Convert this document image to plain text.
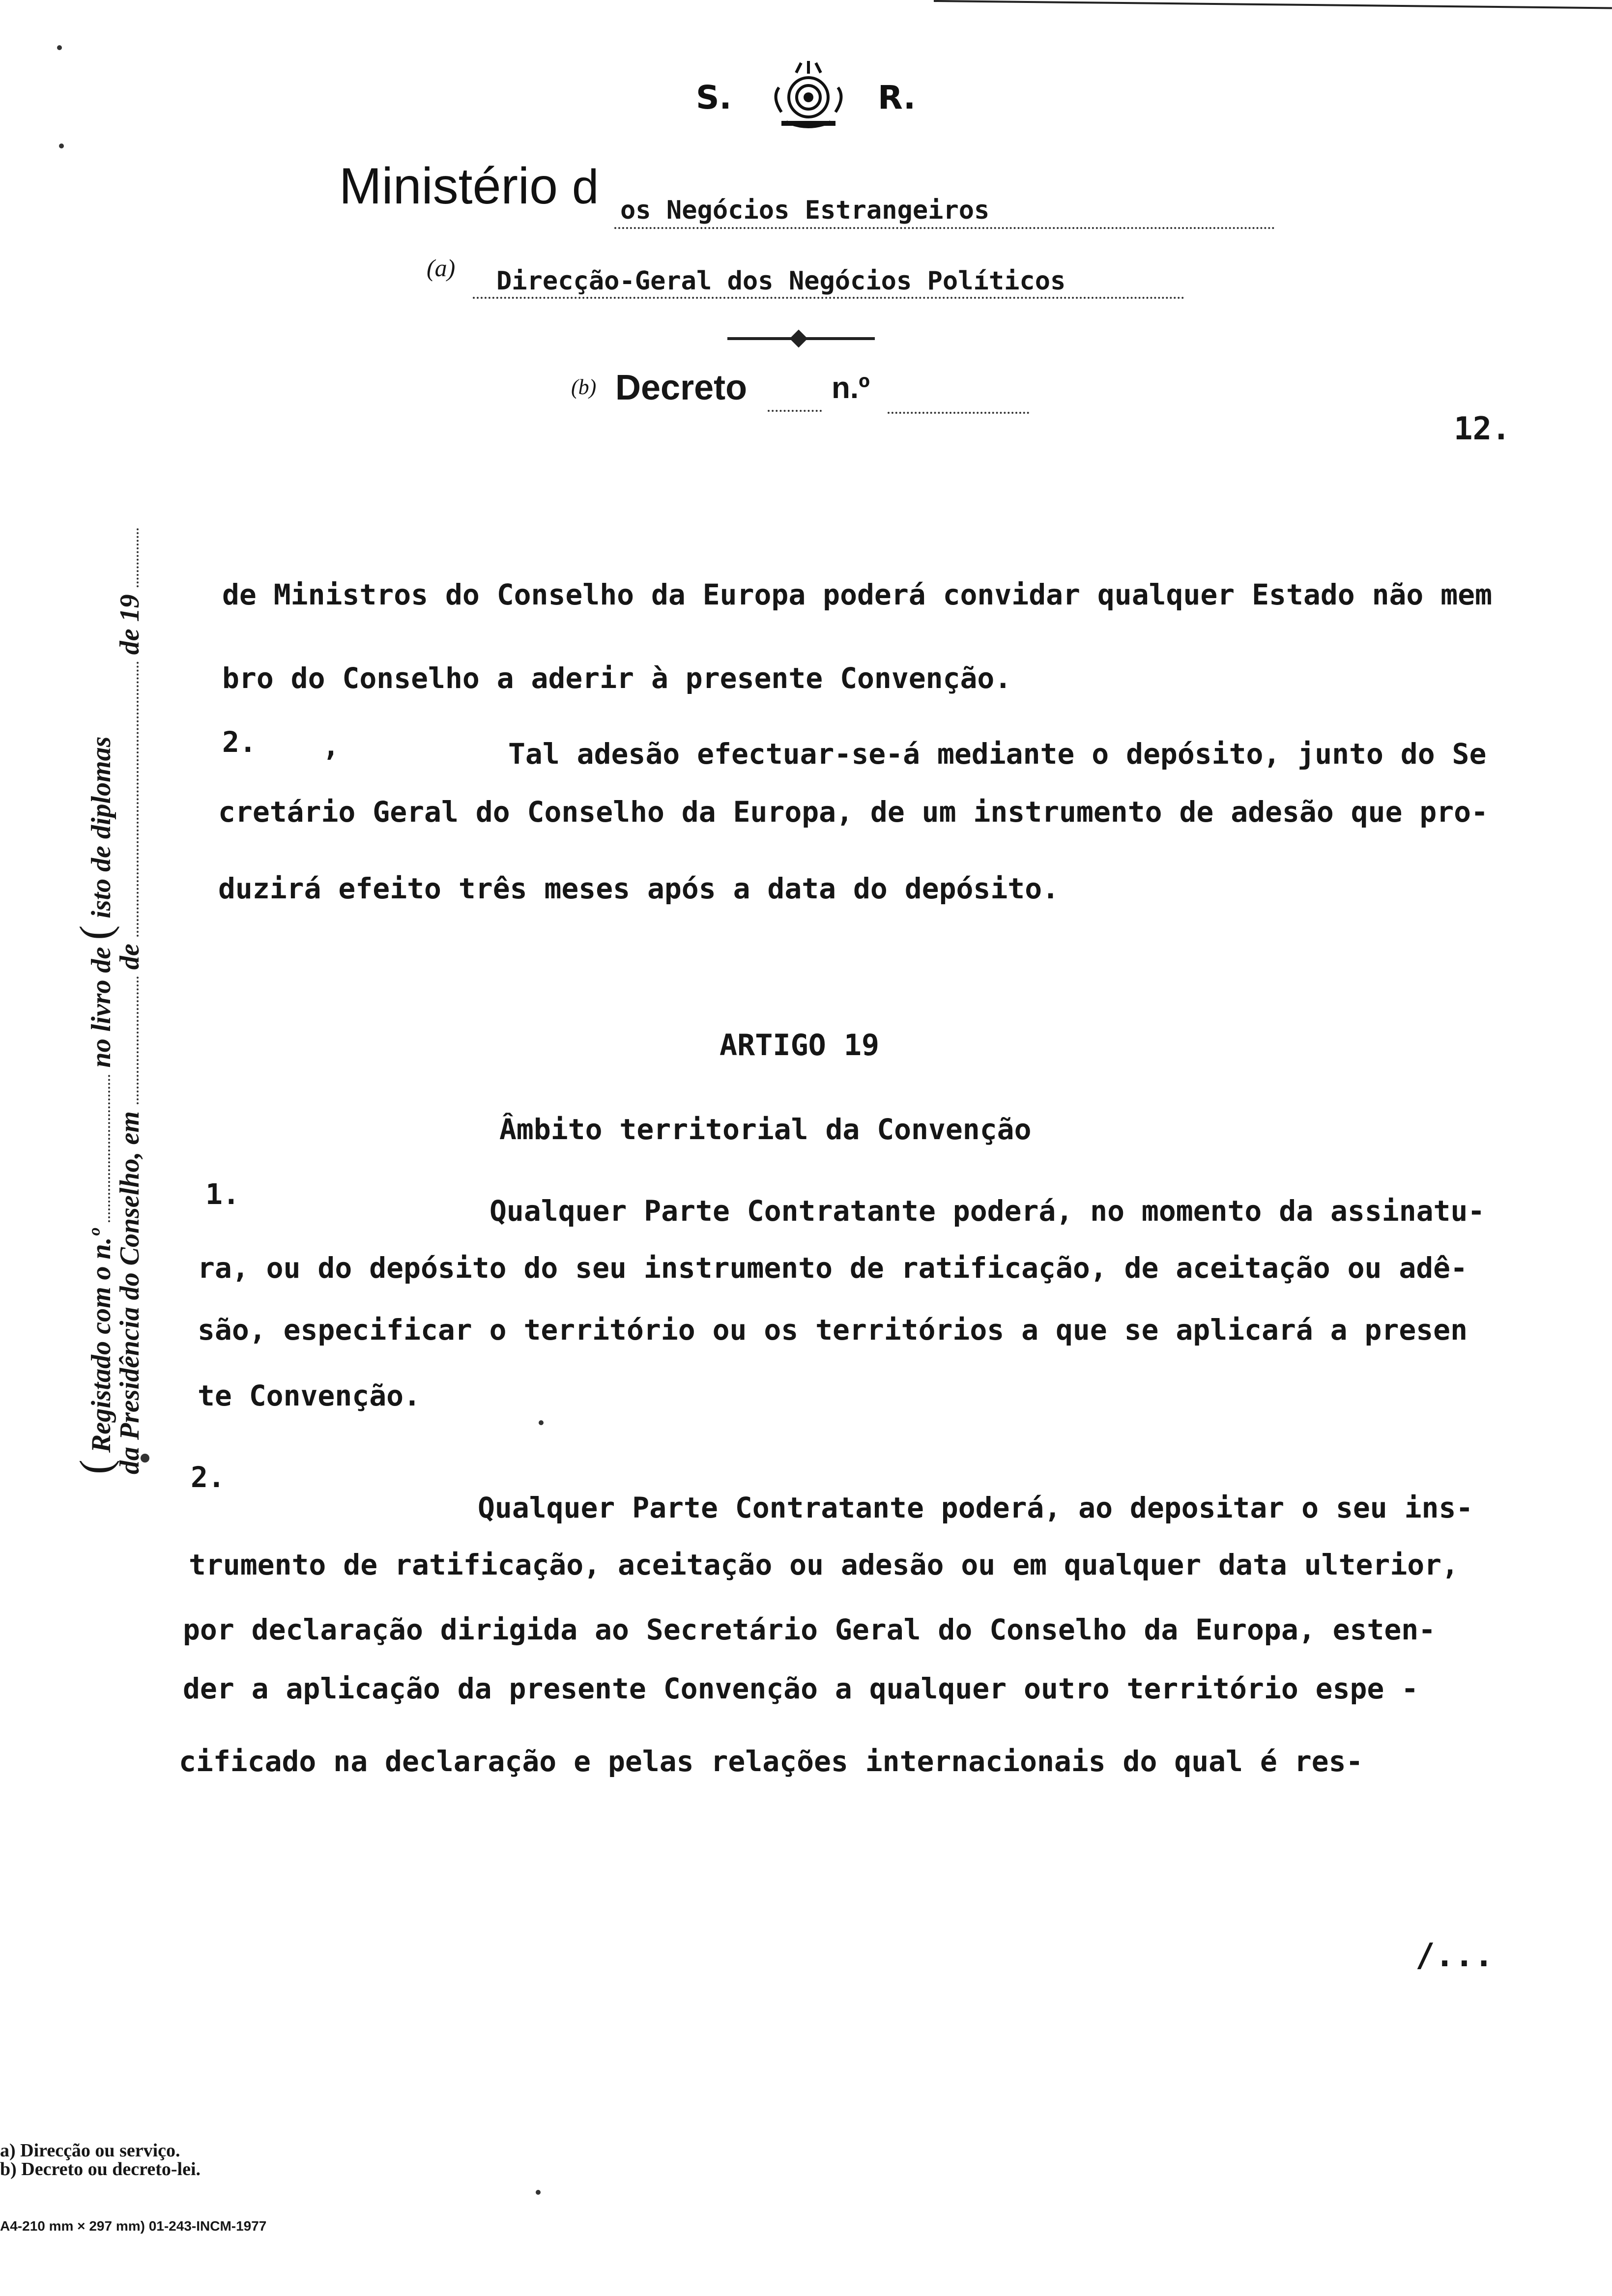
S.	R.
Ministério d os Negócios Estrangeiros
(a) Direcção-Geral dos Negócios Políticos
(b) Decreto	n.º
12.
( Registado com o n.º  no livro de ( isto de diplomas
da Presidência do Conselho, em  de  de 19	de Ministros do Conselho da Europa poderá convidar qualquer Estado não mem
bro do Conselho a aderir à presente Convenção.
2. ,	Tal adesão efectuar-se-á mediante o depósito, junto do Se
cretário Geral do Conselho da Europa, de um instrumento de adesão que pro-
duzirá efeito três meses após a data do depósito.
ARTIGO 19
Âmbito territorial da Convenção
1.	Qualquer Parte Contratante poderá, no momento da assinatu-
ra, ou do depósito do seu instrumento de ratificação, de aceitação ou adê-
são, especificar o território ou os territórios a que se aplicará a presen
te Convenção.
2.
Qualquer Parte Contratante poderá, ao depositar o seu ins-
trumento de ratificação, aceitação ou adesão ou em qualquer data ulterior,
por declaração dirigida ao Secretário Geral do Conselho da Europa, esten-
der a aplicação da presente Convenção a qualquer outro território espe -
cificado na declaração e pelas relações internacionais do qual é res-
/...
a) Direcção ou serviço.
b) Decreto ou decreto-lei.
A4-210 mm × 297 mm) 01-243-INCM-1977
